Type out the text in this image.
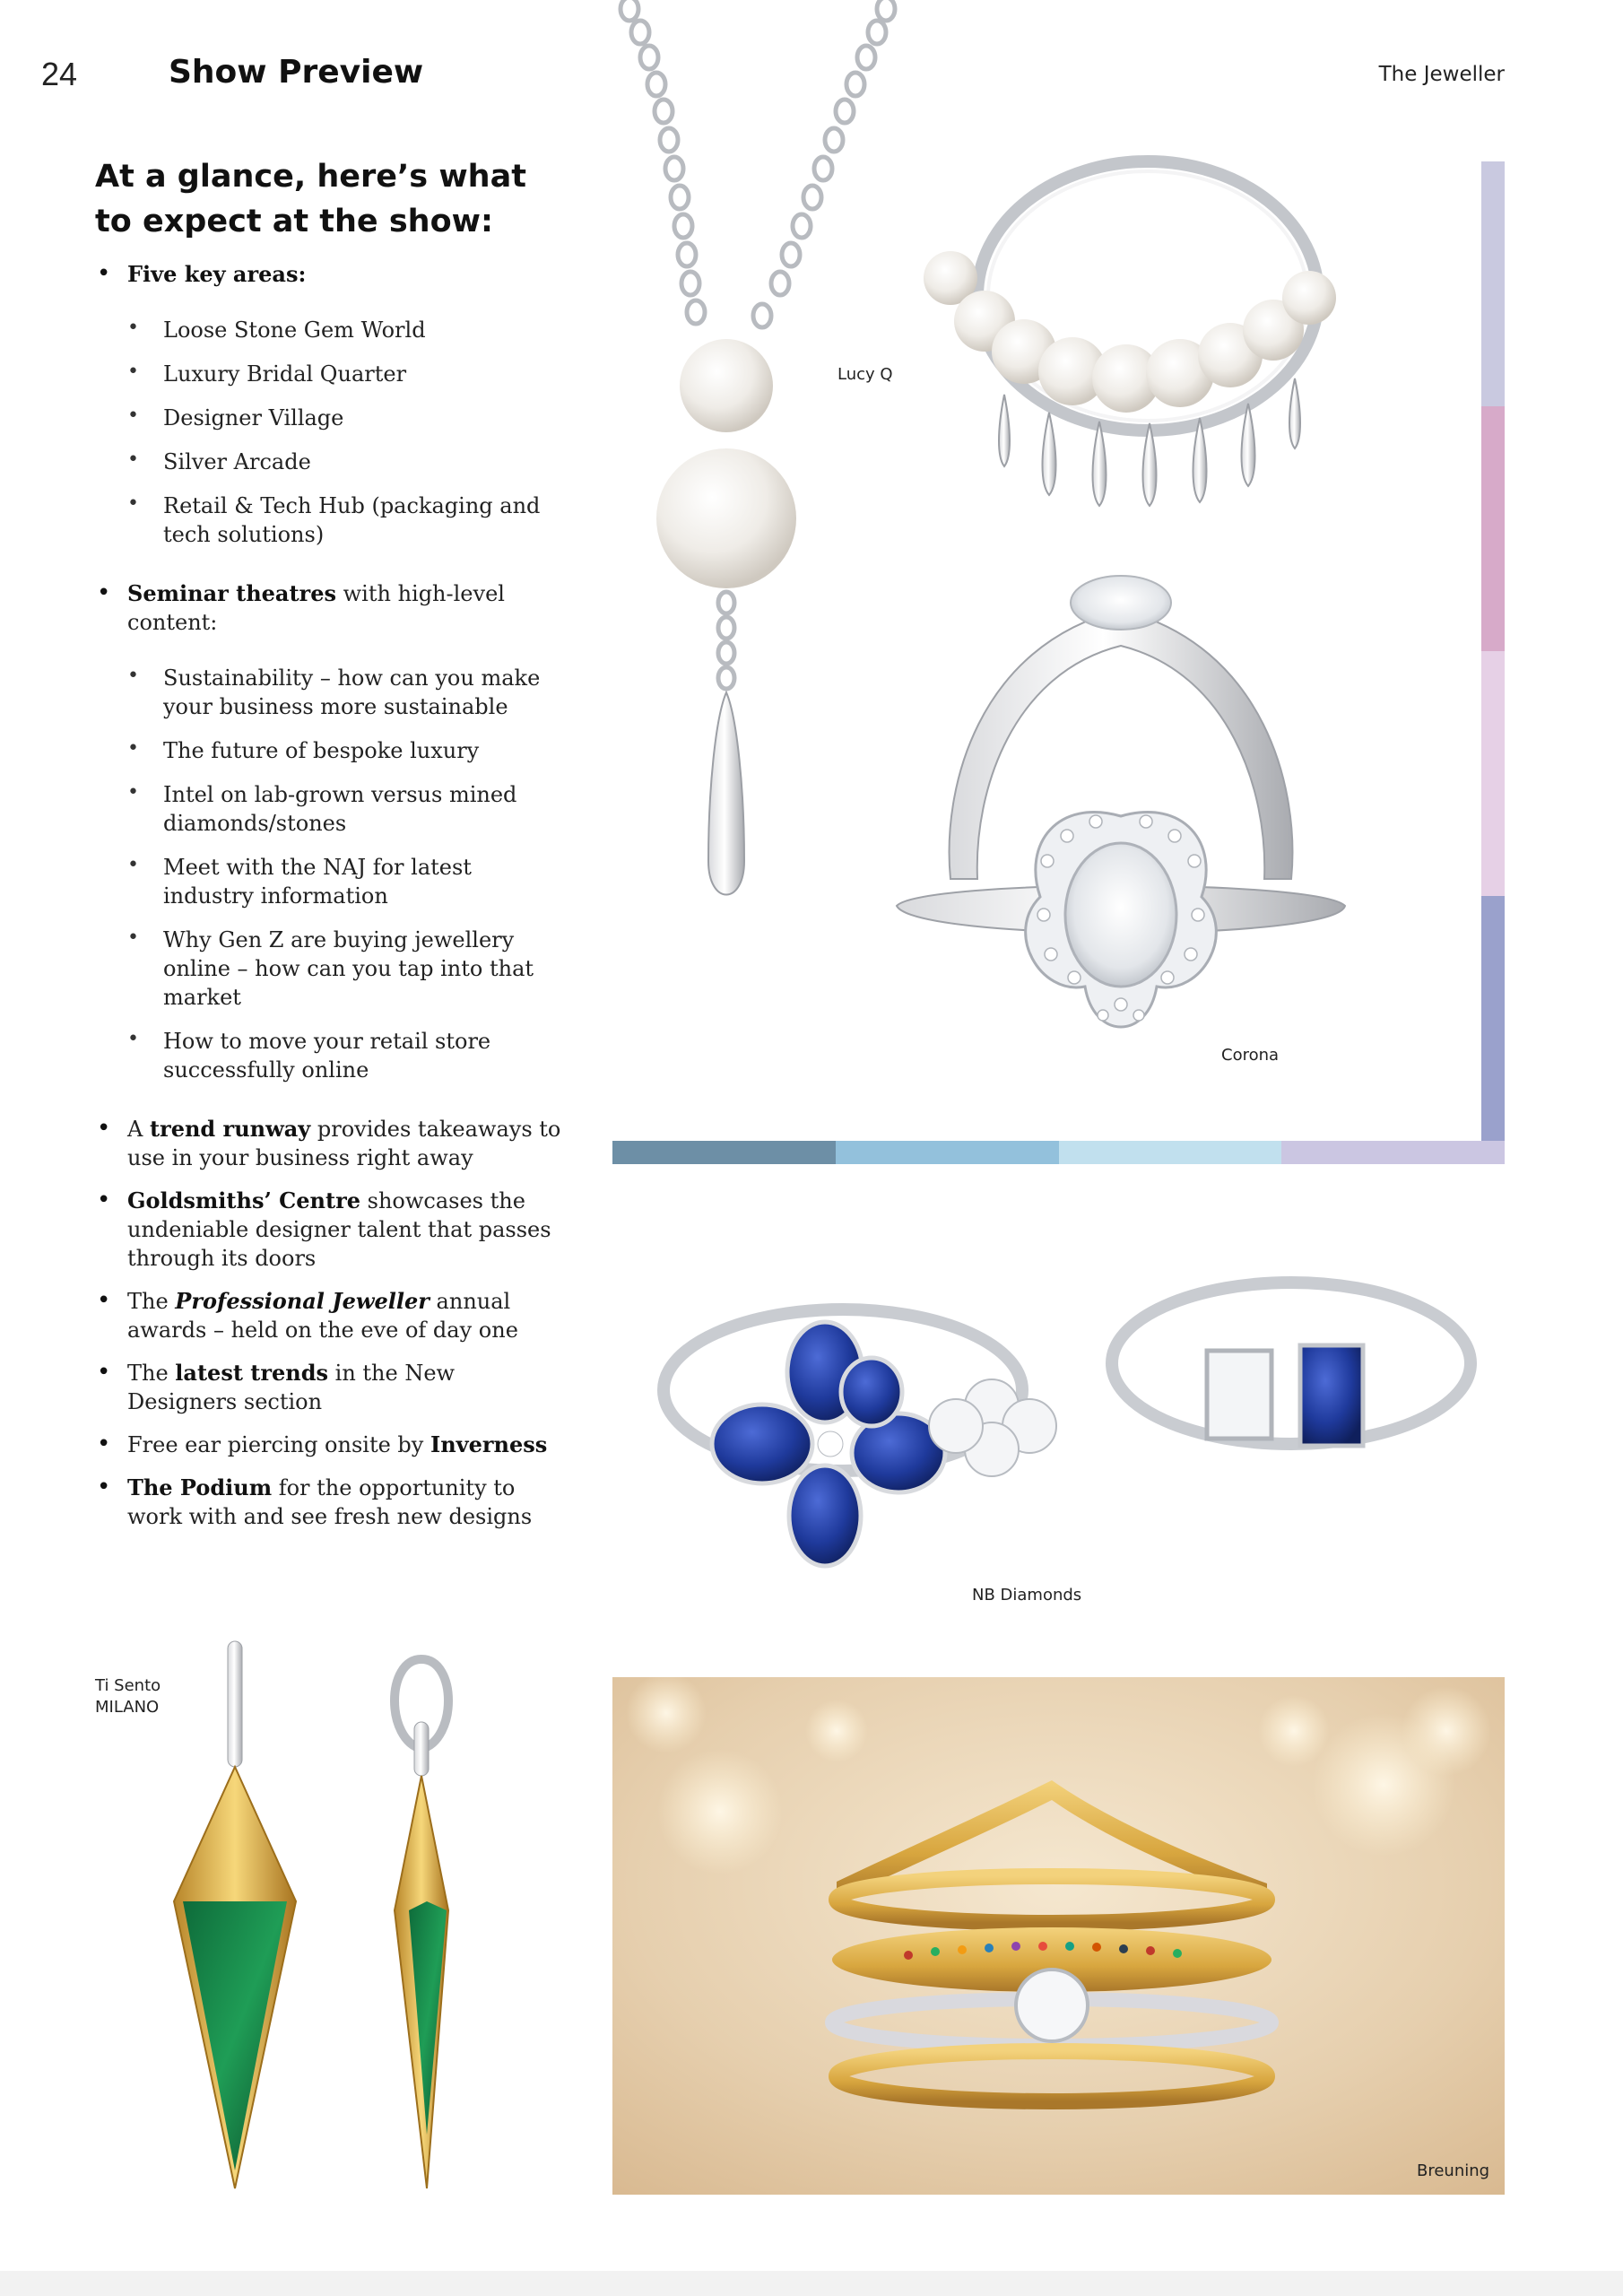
24	Show Preview	The Jeweller
At a glance, here’s what to expect at the show:
• Five key areas:
• Loose Stone Gem World
• Luxury Bridal Quarter
• Designer Village
• Silver Arcade
• Retail & Tech Hub (packaging and tech solutions)
• Seminar theatres with high-level content:
• Sustainability – how can you make your business more sustainable
• The future of bespoke luxury
• Intel on lab-grown versus mined diamonds/stones
• Meet with the NAJ for latest industry information
• Why Gen Z are buying jewellery online – how can you tap into that market
• How to move your retail store successfully online
• A trend runway provides takeaways to use in your business right away
• Goldsmiths’ Centre showcases the undeniable designer talent that passes through its doors
• The Professional Jeweller annual awards – held on the eve of day one
• The latest trends in the New Designers section
• Free ear piercing onsite by Inverness
• The Podium for the opportunity to work with and see fresh new designs
Lucy Q
Corona
NB Diamonds
Ti Sento
MILANO
Breuning
